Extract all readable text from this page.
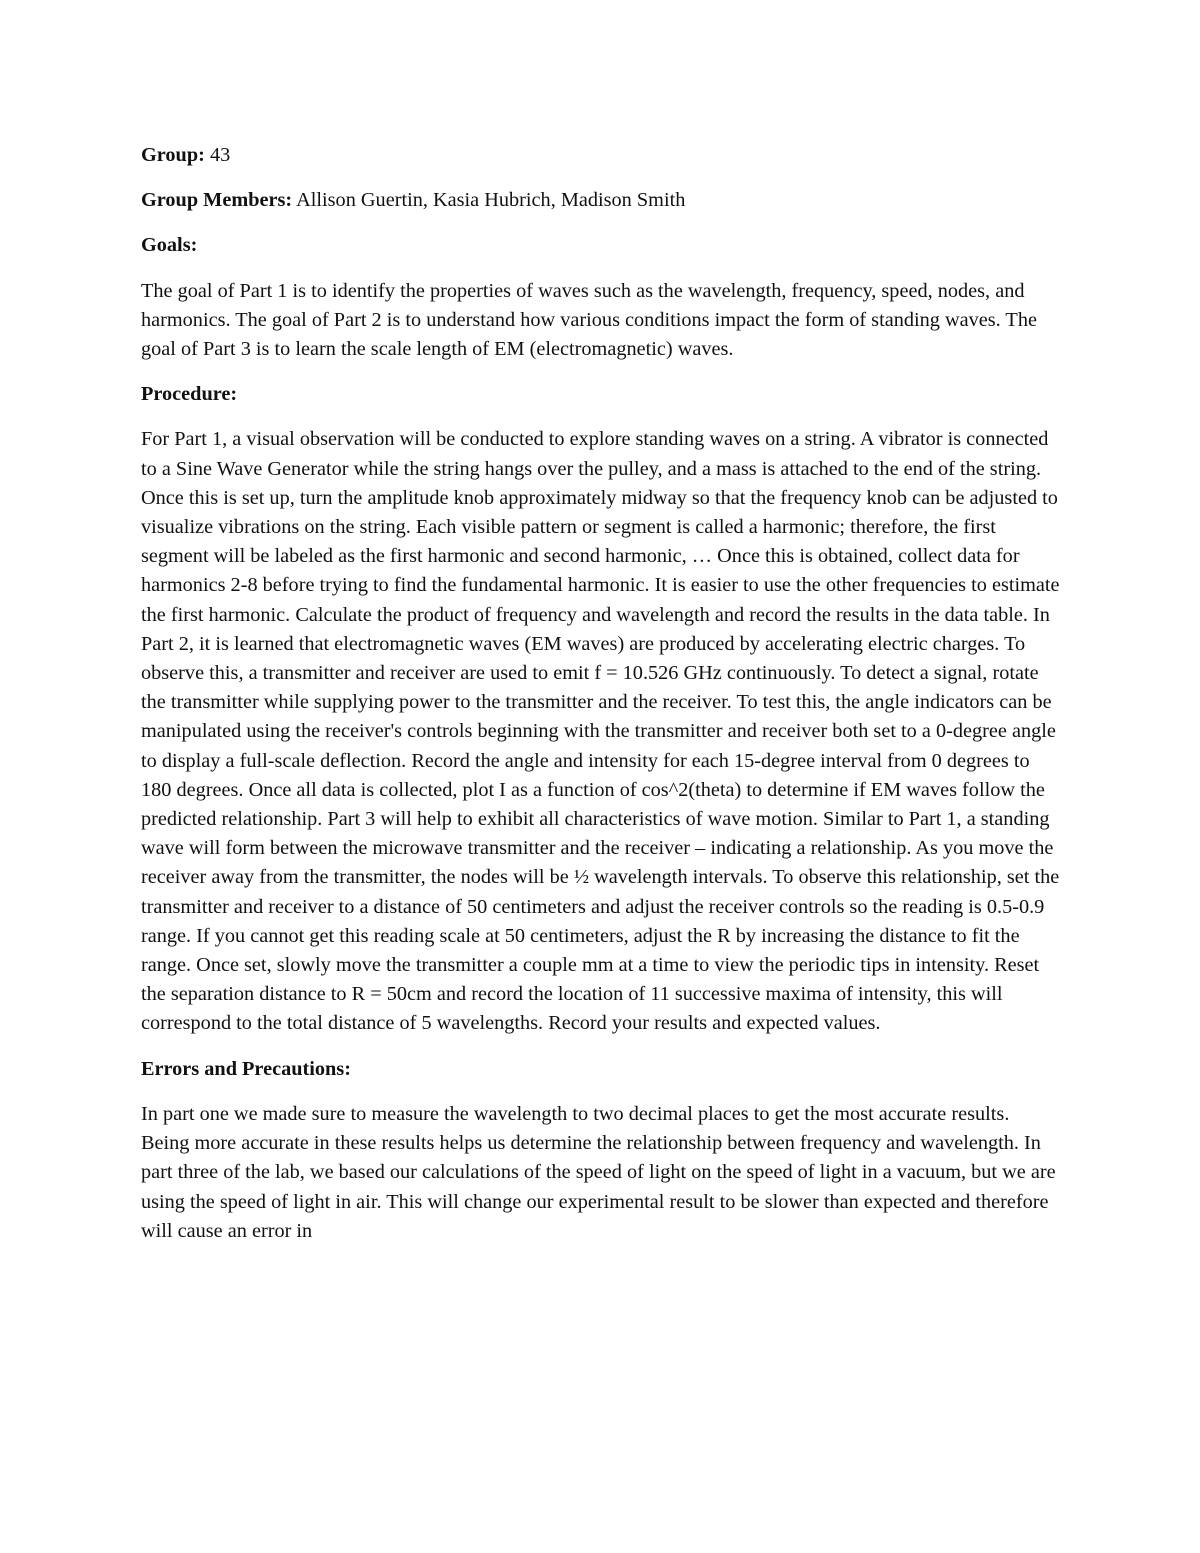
Group: 43

Group Members: Allison Guertin, Kasia Hubrich, Madison Smith

Goals:

The goal of Part 1 is to identify the properties of waves such as the wavelength, frequency, speed, nodes, and harmonics. The goal of Part 2 is to understand how various conditions impact the form of standing waves. The goal of Part 3 is to learn the scale length of EM (electromagnetic) waves.

Procedure:

For Part 1, a visual observation will be conducted to explore standing waves on a string. A vibrator is connected to a Sine Wave Generator while the string hangs over the pulley, and a mass is attached to the end of the string. Once this is set up, turn the amplitude knob approximately midway so that the frequency knob can be adjusted to visualize vibrations on the string. Each visible pattern or segment is called a harmonic; therefore, the first segment will be labeled as the first harmonic and second harmonic, … Once this is obtained, collect data for harmonics 2-8 before trying to find the fundamental harmonic. It is easier to use the other frequencies to estimate the first harmonic. Calculate the product of frequency and wavelength and record the results in the data table. In Part 2, it is learned that electromagnetic waves (EM waves) are produced by accelerating electric charges. To observe this, a transmitter and receiver are used to emit f = 10.526 GHz continuously. To detect a signal, rotate the transmitter while supplying power to the transmitter and the receiver. To test this, the angle indicators can be manipulated using the receiver's controls beginning with the transmitter and receiver both set to a 0-degree angle to display a full-scale deflection. Record the angle and intensity for each 15-degree interval from 0 degrees to 180 degrees. Once all data is collected, plot I as a function of cos^2(theta) to determine if EM waves follow the predicted relationship. Part 3 will help to exhibit all characteristics of wave motion. Similar to Part 1, a standing wave will form between the microwave transmitter and the receiver – indicating a relationship. As you move the receiver away from the transmitter, the nodes will be ½ wavelength intervals. To observe this relationship, set the transmitter and receiver to a distance of 50 centimeters and adjust the receiver controls so the reading is 0.5-0.9 range. If you cannot get this reading scale at 50 centimeters, adjust the R by increasing the distance to fit the range. Once set, slowly move the transmitter a couple mm at a time to view the periodic tips in intensity. Reset the separation distance to R = 50cm and record the location of 11 successive maxima of intensity, this will correspond to the total distance of 5 wavelengths. Record your results and expected values.

Errors and Precautions:

In part one we made sure to measure the wavelength to two decimal places to get the most accurate results. Being more accurate in these results helps us determine the relationship between frequency and wavelength. In part three of the lab, we based our calculations of the speed of light on the speed of light in a vacuum, but we are using the speed of light in air. This will change our experimental result to be slower than expected and therefore will cause an error in
